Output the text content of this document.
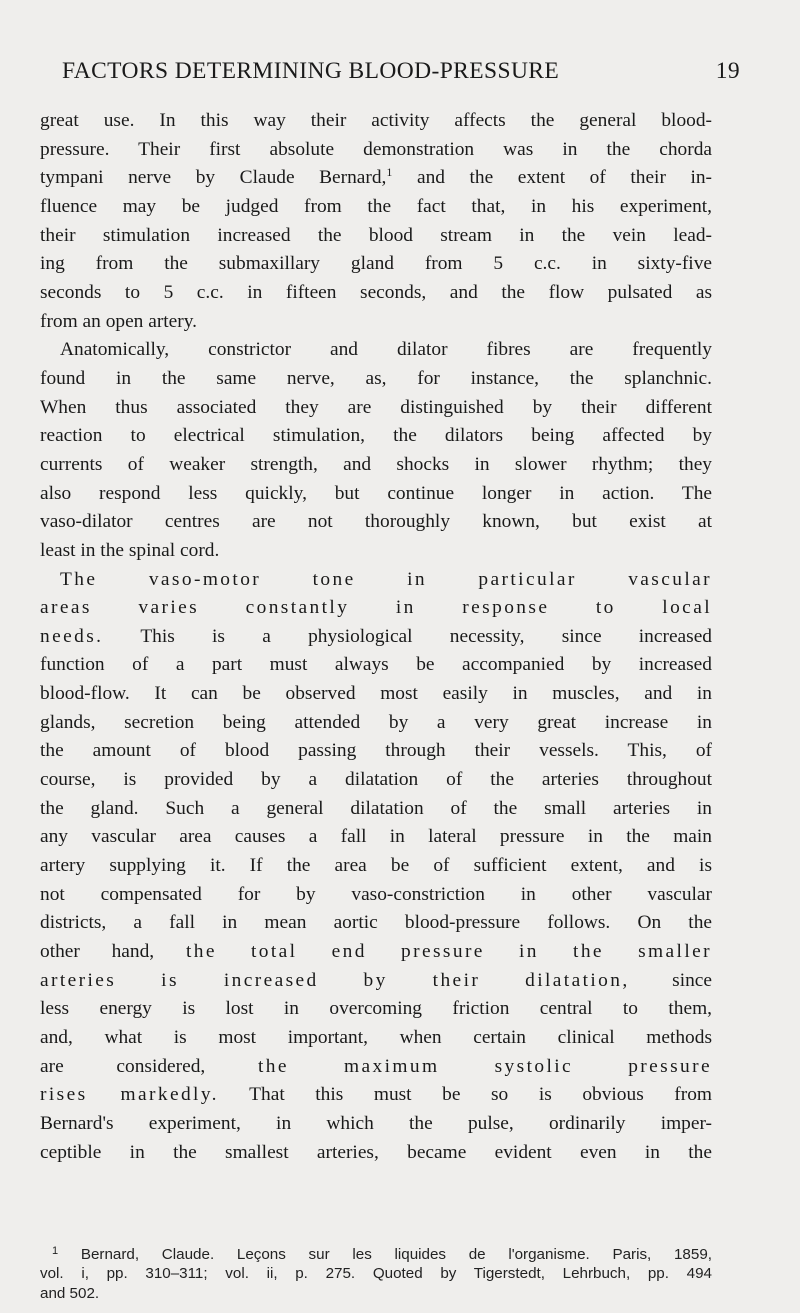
FACTORS DETERMINING BLOOD-PRESSURE	19
great use. In this way their activity affects the general blood-
pressure. Their first absolute demonstration was in the chorda
tympani nerve by Claude Bernard,$^1$ and the extent of their in-
fluence may be judged from the fact that, in his experiment,
their stimulation increased the blood stream in the vein lead-
ing from the submaxillary gland from 5 c.c. in sixty-five
seconds to 5 c.c. in fifteen seconds, and the flow pulsated as
from an open artery.
Anatomically, constrictor and dilator fibres are frequently
found in the same nerve, as, for instance, the splanchnic.
When thus associated they are distinguished by their different
reaction to electrical stimulation, the dilators being affected by
currents of weaker strength, and shocks in slower rhythm; they
also respond less quickly, but continue longer in action. The
vaso-dilator centres are not thoroughly known, but exist at
least in the spinal cord.
The vaso-motor tone in particular vascular
areas varies constantly in response to local
needs. This is a physiological necessity, since increased
function of a part must always be accompanied by increased
blood-flow. It can be observed most easily in muscles, and in
glands, secretion being attended by a very great increase in
the amount of blood passing through their vessels. This, of
course, is provided by a dilatation of the arteries throughout
the gland. Such a general dilatation of the small arteries in
any vascular area causes a fall in lateral pressure in the main
artery supplying it. If the area be of sufficient extent, and is
not compensated for by vaso-constriction in other vascular
districts, a fall in mean aortic blood-pressure follows. On the
other hand, the total end pressure in the smaller
arteries is increased by their dilatation, since
less energy is lost in overcoming friction central to them,
and, what is most important, when certain clinical methods
are considered,	the maximum systolic pressure
rises markedly. That this must be so is obvious from
Bernard's experiment, in which the pulse, ordinarily imper-
ceptible in the smallest arteries, became evident even in the
$^1$ Bernard, Claude. Leçons sur les liquides de l'organisme. Paris, 1859,
vol. i, pp. 310–311; vol. ii, p. 275. Quoted by Tigerstedt, Lehrbuch, pp. 494
and 502.
